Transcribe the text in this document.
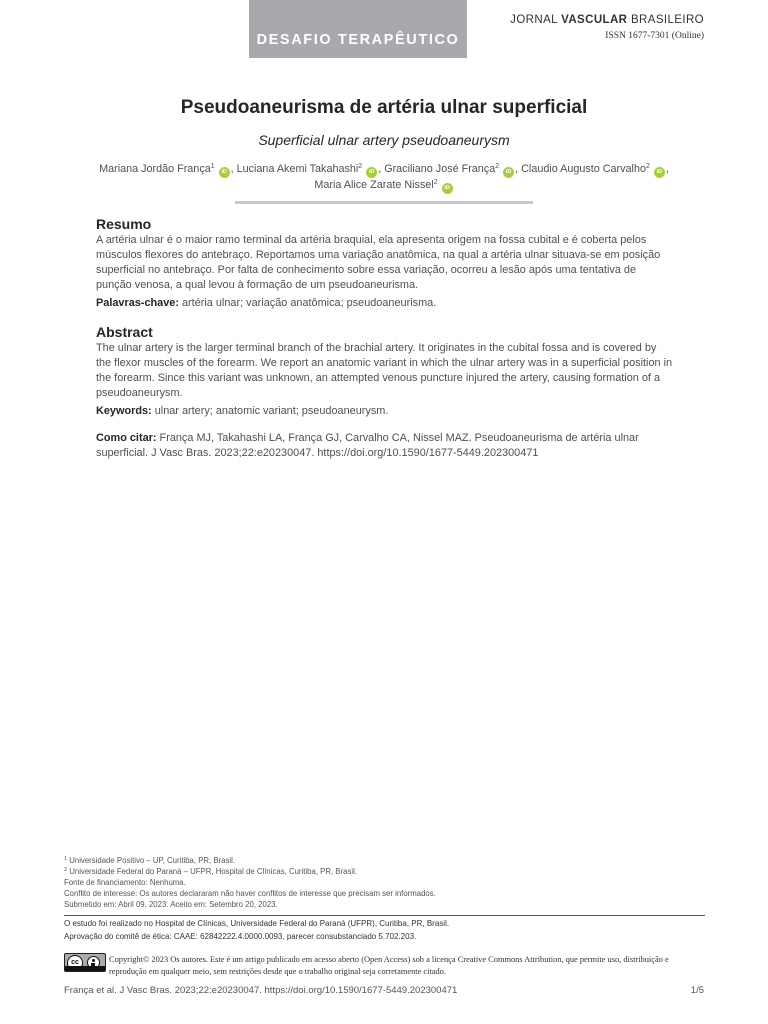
DESAFIO TERAPÊUTICO
JORNAL VASCULAR BRASILEIRO
ISSN 1677-7301 (Online)
Pseudoaneurisma de artéria ulnar superficial
Superficial ulnar artery pseudoaneurysm
Mariana Jordão França$^1$iD , Luciana Akemi Takahashi$^2$iD , Graciliano José França$^2$iD , Claudio Augusto Carvalho$^2$iD ,
Maria Alice Zarate Nissel$^2$iD
Resumo

A artéria ulnar é o maior ramo terminal da artéria braquial, ela apresenta origem na fossa cubital e é coberta pelos músculos flexores do antebraço. Reportamos uma variação anatômica, na qual a artéria ulnar situava-se em posição superficial no antebraço. Por falta de conhecimento sobre essa variação, ocorreu a lesão após uma tentativa de punção venosa, a qual levou à formação de um pseudoaneurisma.

Palavras-chave: artéria ulnar; variação anatômica; pseudoaneurisma.

Abstract

The ulnar artery is the larger terminal branch of the brachial artery. It originates in the cubital fossa and is covered by the flexor muscles of the forearm. We report an anatomic variant in which the ulnar artery was in a superficial position in the forearm. Since this variant was unknown, an attempted venous puncture injured the artery, causing formation of a pseudoaneurysm.

Keywords: ulnar artery; anatomic variant; pseudoaneurysm.

Como citar: França MJ, Takahashi LA, França GJ, Carvalho CA, Nissel MAZ. Pseudoaneurisma de artéria ulnar superficial. J Vasc Bras. 2023;22:e20230047. https://doi.org/10.1590/1677-5449.202300471

$^1$ Universidade Positivo – UP, Curitiba, PR, Brasil.
$^2$ Universidade Federal do Paraná – UFPR, Hospital de Clínicas, Curitiba, PR, Brasil.
Fonte de financiamento: Nenhuma.
Conflito de interesse: Os autores declararam não haver conflitos de interesse que precisam ser informados.
Submetido em: Abril 09, 2023. Aceito em: Setembro 20, 2023.
O estudo foi realizado no Hospital de Clínicas, Universidade Federal do Paraná (UFPR), Curitiba, PR, Brasil.
Aprovação do comitê de ética: CAAE: 62842222.4.0000.0093, parecer consubstanciado 5.702.203.
cc	Copyright© 2023 Os autores. Este é um artigo publicado em acesso aberto (Open Access) sob a licença Creative Commons Attribution, que permite uso, distribuição e reprodução em qualquer meio, sem restrições desde que o trabalho original seja corretamente citado.
França et al. J Vasc Bras. 2023;22:e20230047. https://doi.org/10.1590/1677-5449.202300471	1/5
